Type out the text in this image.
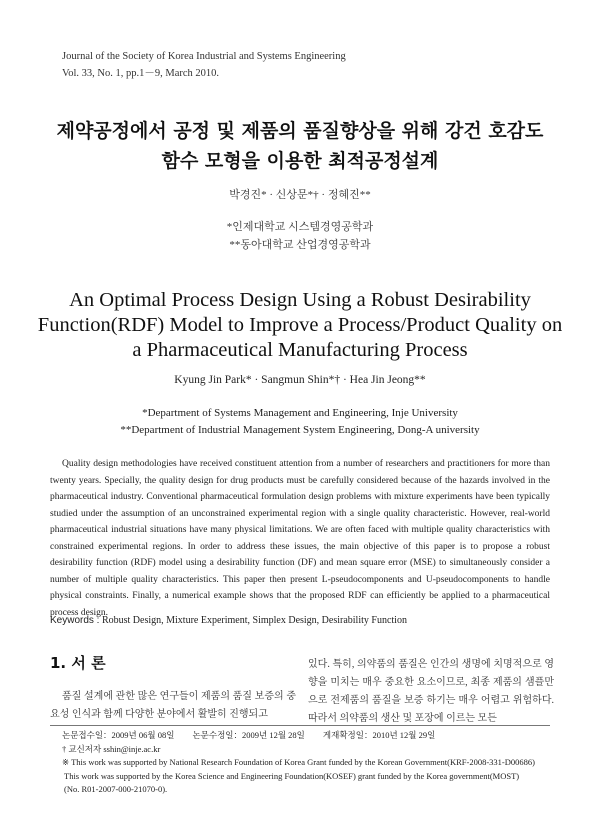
Journal of the Society of Korea Industrial and Systems Engineering
Vol. 33, No. 1, pp.1－9, March 2010.
제약공정에서 공정 및 제품의 품질향상을 위해 강건 호감도
함수 모형을 이용한 최적공정설계
박경진* · 신상문*† · 정혜진**
*인제대학교 시스템경영공학과
**동아대학교 산업경영공학과
An Optimal Process Design Using a Robust Desirability
Function(RDF) Model to Improve a Process/Product Quality on
a Pharmaceutical Manufacturing Process
Kyung Jin Park* · Sangmun Shin*† · Hea Jin Jeong**
*Department of Systems Management and Engineering, Inje University
**Department of Industrial Management System Engineering, Dong-A university
Quality design methodologies have received constituent attention from a number of researchers and practitioners for more than twenty years. Specially, the quality design for drug products must be carefully considered because of the hazards involved in the pharmaceutical industry. Conventional pharmaceutical formulation design problems with mixture experiments have been typically studied under the assumption of an unconstrained experimental region with a single quality characteristic. However, real-world pharmaceutical industrial situations have many physical limitations. We are often faced with multiple quality characteristics with constrained experimental regions. In order to address these issues, the main objective of this paper is to propose a robust desirability function (RDF) model using a desirability function (DF) and mean square error (MSE) to simultaneously consider a number of multiple quality characteristics. This paper then present L-pseudocomponents and U-pseudocomponents to handle physical constraints. Finally, a numerical example shows that the proposed RDF can efficiently be applied to a pharmaceutical process design.
Keywords : Robust Design, Mixture Experiment, Simplex Design, Desirability Function
1. 서 론
품질 설계에 관한 많은 연구들이 제품의 품질 보증의 중요성 인식과 함께 다양한 분야에서 활발히 진행되고
있다. 특히, 의약품의 품질은 인간의 생명에 치명적으로 영향을 미치는 매우 중요한 요소이므로, 최종 제품의 샘플만으로 전제품의 품질을 보증 하기는 매우 어렵고 위험하다. 따라서 의약품의 생산 및 포장에 이르는 모든
논문접수일：2009년 06월 08일 논문수정일：2009년 12월 28일 게재확정일：2010년 12월 29일
† 교신저자 sshin@inje.ac.kr
※ This work was supported by National Research Foundation of Korea Grant funded by the Korean Government(KRF-2008-331-D00686)
This work was supported by the Korea Science and Engineering Foundation(KOSEF) grant funded by the Korea government(MOST)
(No. R01-2007-000-21070-0).
